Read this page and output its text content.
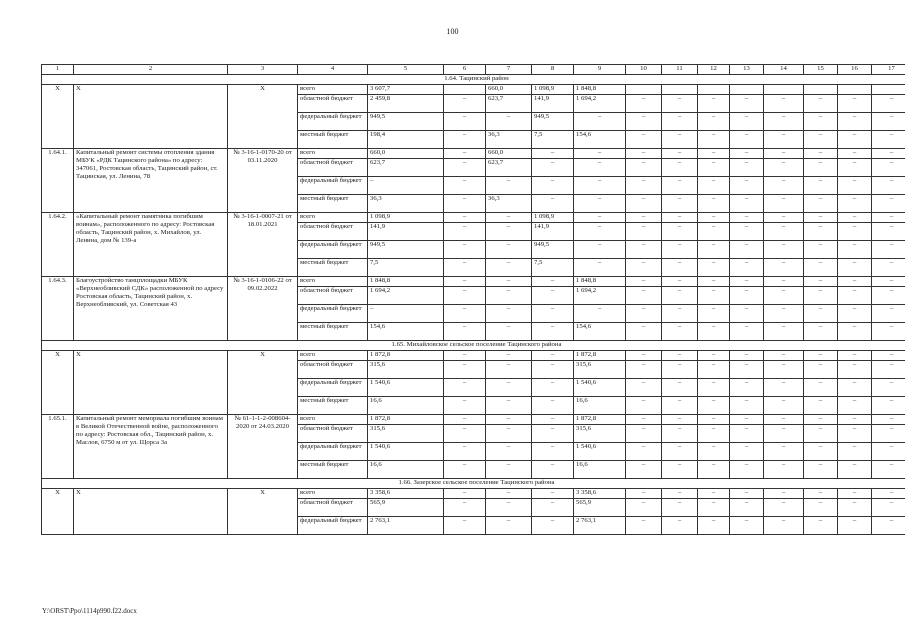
100
1	2	3	4	5	6	7	8	9	10	11	12	13	14	15	16	17
1.64. Тацинский район																
Х	Х	Х	всего	3 607,7		660,0	1 098,9	1 848,8								
			областной бюджет	2 459,8	–	623,7	141,9	1 694,2	–	–	–	–	–	–	–	–
			федеральный бюджет	949,5	–	–	949,5	–	–	–	–	–	–	–	–	–
			местный бюджет	198,4	–	36,3	7,5	154,6	–	–	–	–	–	–	–	–
1.64.1.	Капитальный ремонт системы отопления здания МБУК «РДК Тацинского района» по адресу: 347061, Ростовская область, Тацинский район, ст. Тацинская, ул. Ленина, 78	№ 3-16-1-0170-20 от 03.11.2020	всего	660,0	–	660,0	–	–	–	–	–	–	–	–	–	–
			областной бюджет	623,7	–	623,7	–	–	–	–	–	–	–	–	–	–
			федеральный бюджет	–	–	–	–	–	–	–	–	–	–	–	–	–
			местный бюджет	36,3	–	36,3	–	–	–	–	–	–	–	–	–	–
1.64.2.	«Капитальный ремонт памятника погибшим воинам», расположенного по адресу: Ростовская область, Тацинский район, х. Михайлов, ул. Ленина, дом № 139-а	№ 3-16-1-0007-21 от 18.01.2021	всего	1 098,9	–	–	1 098,9	–	–	–	–	–	–	–	–	–
			областной бюджет	141,9	–	–	141,9	–	–	–	–	–	–	–	–	–
			федеральный бюджет	949,5	–	–	949,5	–	–	–	–	–	–	–	–	–
			местный бюджет	7,5	–	–	7,5	–	–	–	–	–	–	–	–	–
1.64.3.	Благоустройство танцплощадки МБУК «Верхнеобливский СДК» расположенной по адресу Ростовская область, Тацинский район, х. Верхнеобливский, ул. Советская 43	№ 3-16-1-0106-22 от 09.02.2022	всего	1 848,8	–	–	–	1 848,8	–	–	–	–	–	–	–	–
			областной бюджет	1 694,2	–	–	–	1 694,2	–	–	–	–	–	–	–	–
			федеральный бюджет	–	–	–	–	–	–	–	–	–	–	–	–	–
			местный бюджет	154,6	–	–	–	154,6	–	–	–	–	–	–	–	–
1.65. Михайловское сельское поселение Тацинского района																
Х	Х	Х	всего	1 872,8	–	–	–	1 872,8	–	–	–	–	–	–	–	–
			областной бюджет	315,6	–	–	–	315,6	–	–	–	–	–	–	–	–
			федеральный бюджет	1 540,6	–	–	–	1 540,6	–	–	–	–	–	–	–	–
			местный бюджет	16,6	–	–	–	16,6	–	–	–	–	–	–	–	–
1.65.1.	Капитальный ремонт мемориала погибшим воинам в Великой Отечественной войне, расположенного по адресу: Ростовская обл., Тацинский район, х. Маслов, 6750 м от ул. Щорса 3а	№ 61-1-1-2-008604-2020 от 24.03.2020	всего	1 872,8	–	–	–	1 872,8	–	–	–	–	–	–	–	–
			областной бюджет	315,6	–	–	–	315,6	–	–	–	–	–	–	–	–
			федеральный бюджет	1 540,6	–	–	–	1 540,6	–	–	–	–	–	–	–	–
			местный бюджет	16,6	–	–	–	16,6	–	–	–	–	–	–	–	–
1.66. Зазерское сельское поселение Тацинского района																
Х	Х	Х	всего	3 358,6	–	–	–	3 358,6	–	–	–	–	–	–	–	–
			областной бюджет	565,9	–	–	–	565,9	–	–	–	–	–	–	–	–
			федеральный бюджет	2 763,1	–	–	–	2 763,1	–	–	–	–	–	–	–	–
Y:\ORST\Ppo\1114p990.f22.docx
